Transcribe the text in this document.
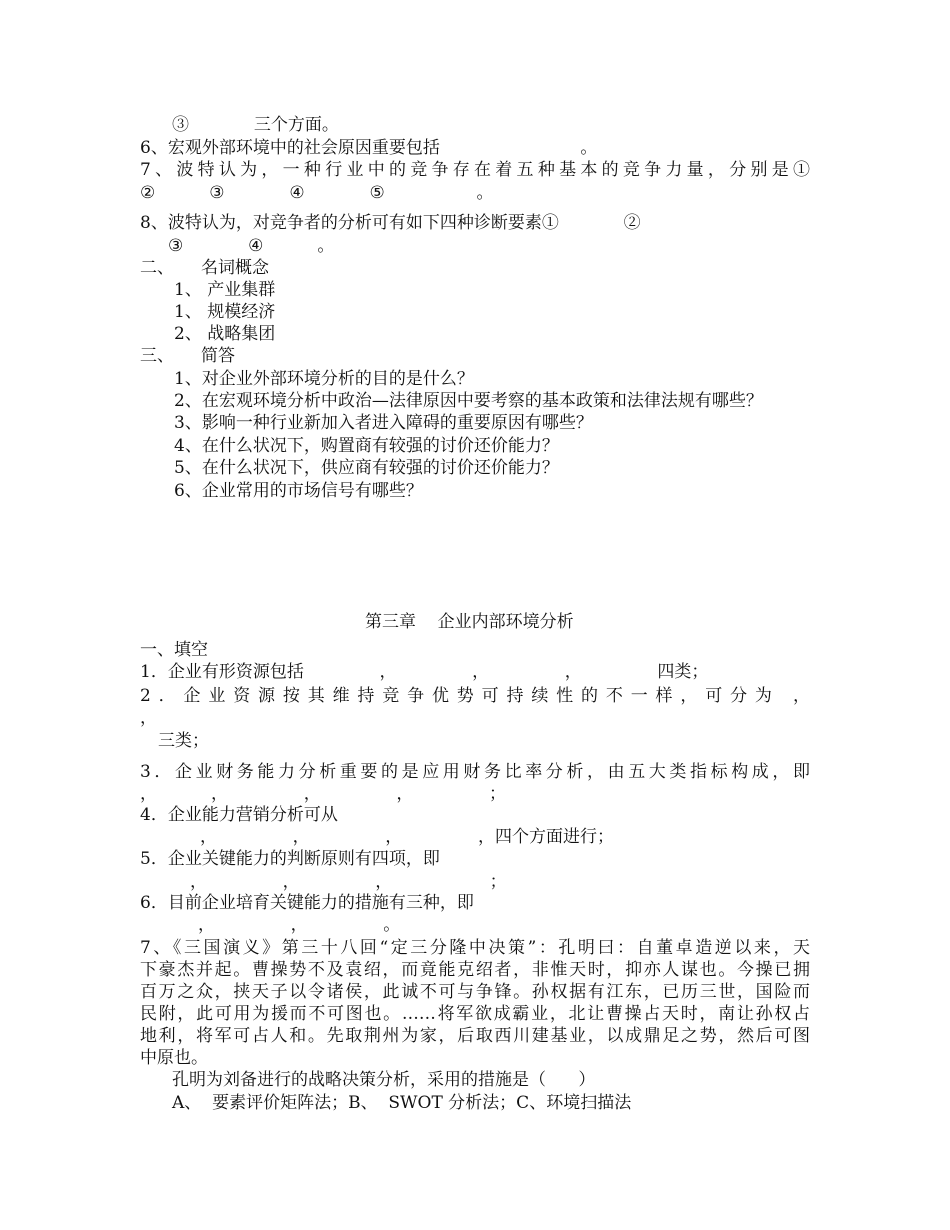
③            三个方面。
6、宏观外部环境中的社会原因重要包括                          。
7、波特认为，一种行业中的竞争存在着五种基本的竞争力量，分别是①
②          ③            ④            ⑤                 。
8、波特认为，对竞争者的分析可有如下四种诊断要素①            ②
③            ④          。
二、     名词概念
1、 产业集群
1、 规模经济
2、 战略集团
三、     简答
1、对企业外部环境分析的目的是什么？
2、在宏观环境分析中政治—法律原因中要考察的基本政策和法律法规有哪些？
3、影响一种行业新加入者进入障碍的重要原因有哪些？
4、在什么状况下，购置商有较强的讨价还价能力？
5、在什么状况下，供应商有较强的讨价还价能力？
6、企业常用的市场信号有哪些？
第三章    企业内部环境分析
一、填空
1．企业有形资源包括              ，              ，              ，              四类；
2．企业资源按其维持竞争优势可持续性的不一样，可分为 ，
，
三类；
3．企业财务能力分析重要的是应用财务比率分析，由五大类指标构成，即
，          ，              ，              ，              ；
4．企业能力营销分析可从
，              ，              ，              ，四个方面进行；
5．企业关键能力的判断原则有四项，即
，              ，              ，                  ；
6．目前企业培育关键能力的措施有三种，即
，              ，              。
7、《三国演义》第三十八回“定三分隆中决策”：孔明曰：自董卓造逆以来，天
下豪杰并起。曹操势不及袁绍，而竟能克绍者，非惟天时，抑亦人谋也。今操已拥
百万之众，挟天子以令诸侯，此诚不可与争锋。孙权据有江东，已历三世，国险而
民附，此可用为援而不可图也。……将军欲成霸业，北让曹操占天时，南让孙权占
地利，将军可占人和。先取荆州为家，后取西川建基业，以成鼎足之势，然后可图
中原也。
孔明为刘备进行的战略决策分析，采用的措施是（      ）
A、  要素评价矩阵法；B、  SWOT 分析法；C、环境扫描法
